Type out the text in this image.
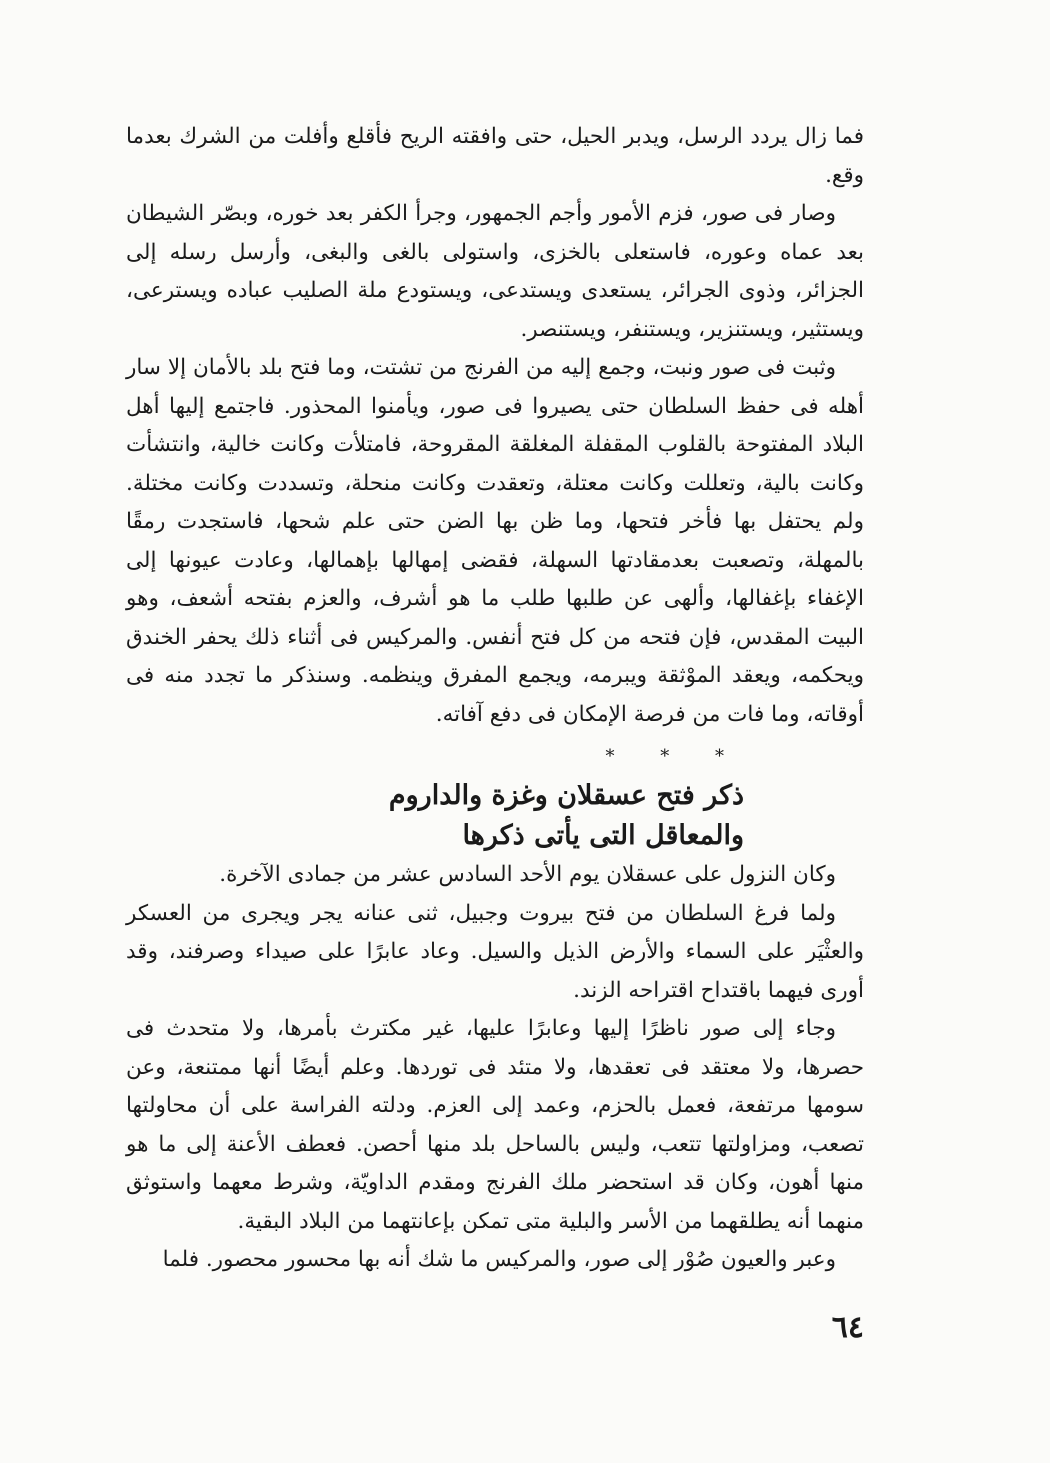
فما زال يردد الرسل، ويدبر الحيل، حتى وافقته الريح فأقلع وأفلت من الشرك بعدما وقع.

وصار فى صور، فزم الأمور وأجم الجمهور، وجرأ الكفر بعد خوره، وبصّر الشيطان بعد عماه وعوره، فاستعلى بالخزى، واستولى بالغى والبغى، وأرسل رسله إلى الجزائر، وذوى الجرائر، يستعدى ويستدعى، ويستودع ملة الصليب عباده ويسترعى، ويستثير، ويستنزير، ويستنفر، ويستنصر.

وثبت فى صور ونبت، وجمع إليه من الفرنج من تشتت، وما فتح بلد بالأمان إلا سار أهله فى حفظ السلطان حتى يصيروا فى صور، ويأمنوا المحذور. فاجتمع إليها أهل البلاد المفتوحة بالقلوب المقفلة المغلقة المقروحة، فامتلأت وكانت خالية، وانتشأت وكانت بالية، وتعللت وكانت معتلة، وتعقدت وكانت منحلة، وتسددت وكانت مختلة. ولم يحتفل بها فأخر فتحها، وما ظن بها الضن حتى علم شحها، فاستجدت رمقًا بالمهلة، وتصعبت بعدمقادتها السهلة، فقضى إمهالها بإهمالها، وعادت عيونها إلى الإغفاء بإغفالها، وألهى عن طلبها طلب ما هو أشرف، والعزم بفتحه أشعف، وهو البيت المقدس، فإن فتحه من كل فتح أنفس. والمركيس فى أثناء ذلك يحفر الخندق ويحكمه، ويعقد الموْثقة ويبرمه، ويجمع المفرق وينظمه. وسنذكر ما تجدد منه فى أوقاته، وما فات من فرصة الإمكان فى دفع آفاته.

* * *
ذكر فتح عسقلان وغزة والداروم
والمعاقل التى يأتى ذكرها

وكان النزول على عسقلان يوم الأحد السادس عشر من جمادى الآخرة.

ولما فرغ السلطان من فتح بيروت وجبيل، ثنى عنانه يجر ويجرى من العسكر والعثْيَر على السماء والأرض الذيل والسيل. وعاد عابرًا على صيداء وصرفند، وقد أورى فيهما باقتداح اقتراحه الزند.

وجاء إلى صور ناظرًا إليها وعابرًا عليها، غير مكترث بأمرها، ولا متحدث فى حصرها، ولا معتقد فى تعقدها، ولا متئد فى توردها. وعلم أيضًا أنها ممتنعة، وعن سومها مرتفعة، فعمل بالحزم، وعمد إلى العزم. ودلته الفراسة على أن محاولتها تصعب، ومزاولتها تتعب، وليس بالساحل بلد منها أحصن. فعطف الأعنة إلى ما هو منها أهون، وكان قد استحضر ملك الفرنج ومقدم الداويّة، وشرط معهما واستوثق منهما أنه يطلقهما من الأسر والبلية متى تمكن بإعانتهما من البلاد البقية.

وعبر والعيون صُوْر إلى صور، والمركيس ما شك أنه بها محسور محصور. فلما

٦٤
